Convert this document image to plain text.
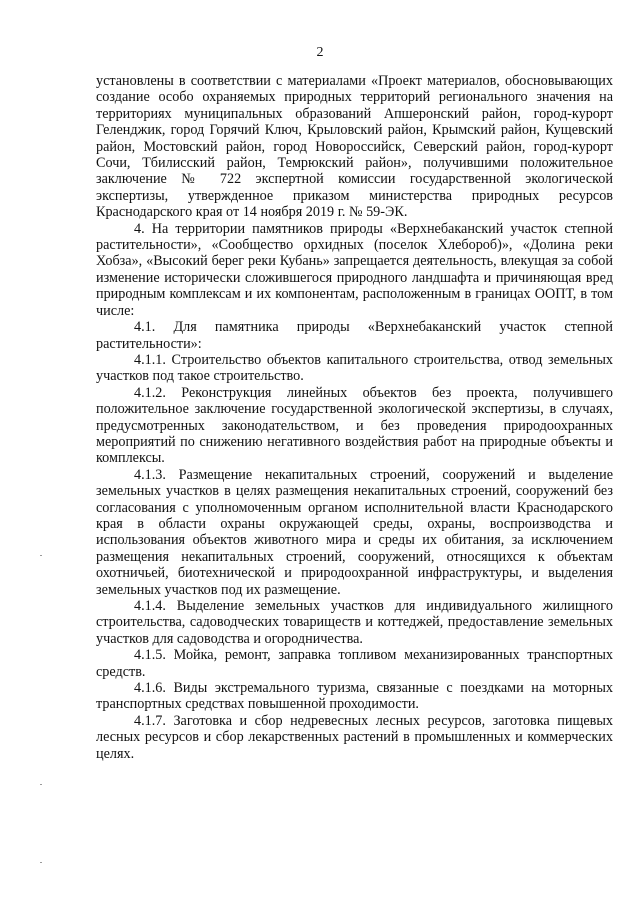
2

установлены в соответствии с материалами «Проект материалов, обосновывающих создание особо охраняемых природных территорий регионального значения на территориях муниципальных образований Апшеронский район, город-курорт Геленджик, город Горячий Ключ, Крыловский район, Крымский район, Кущевский район, Мостовский район, город Новороссийск, Северский район, город-курорт Сочи, Тбилисский район, Темрюкский район», получившими положительное заключение № 722 экспертной комиссии государственной экологической экспертизы, утвержденное приказом министерства природных ресурсов Краснодарского края от 14 ноября 2019 г. № 59-ЭК.

4. На территории памятников природы «Верхнебаканский участок степной растительности», «Сообщество орхидных (поселок Хлебороб)», «Долина реки Хобза», «Высокий берег реки Кубань» запрещается деятельность, влекущая за собой изменение исторически сложившегося природного ландшафта и причиняющая вред природным комплексам и их компонентам, расположенным в границах ООПТ, в том числе:

4.1. Для памятника природы «Верхнебаканский участок степной растительности»:

4.1.1. Строительство объектов капитального строительства, отвод земельных участков под такое строительство.

4.1.2. Реконструкция линейных объектов без проекта, получившего положительное заключение государственной экологической экспертизы, в случаях, предусмотренных законодательством, и без проведения природоохранных мероприятий по снижению негативного воздействия работ на природные объекты и комплексы.

4.1.3. Размещение некапитальных строений, сооружений и выделение земельных участков в целях размещения некапитальных строений, сооружений без согласования с уполномоченным органом исполнительной власти Краснодарского края в области охраны окружающей среды, охраны, воспроизводства и использования объектов животного мира и среды их обитания, за исключением размещения некапитальных строений, сооружений, относящихся к объектам охотничьей, биотехнической и природоохранной инфраструктуры, и выделения земельных участков под их размещение.

4.1.4. Выделение земельных участков для индивидуального жилищного строительства, садоводческих товариществ и коттеджей, предоставление земельных участков для садоводства и огородничества.

4.1.5. Мойка, ремонт, заправка топливом механизированных транспортных средств.

4.1.6. Виды экстремального туризма, связанные с поездками на моторных транспортных средствах повышенной проходимости.

4.1.7. Заготовка и сбор недревесных лесных ресурсов, заготовка пищевых лесных ресурсов и сбор лекарственных растений в промышленных и коммерческих целях.
